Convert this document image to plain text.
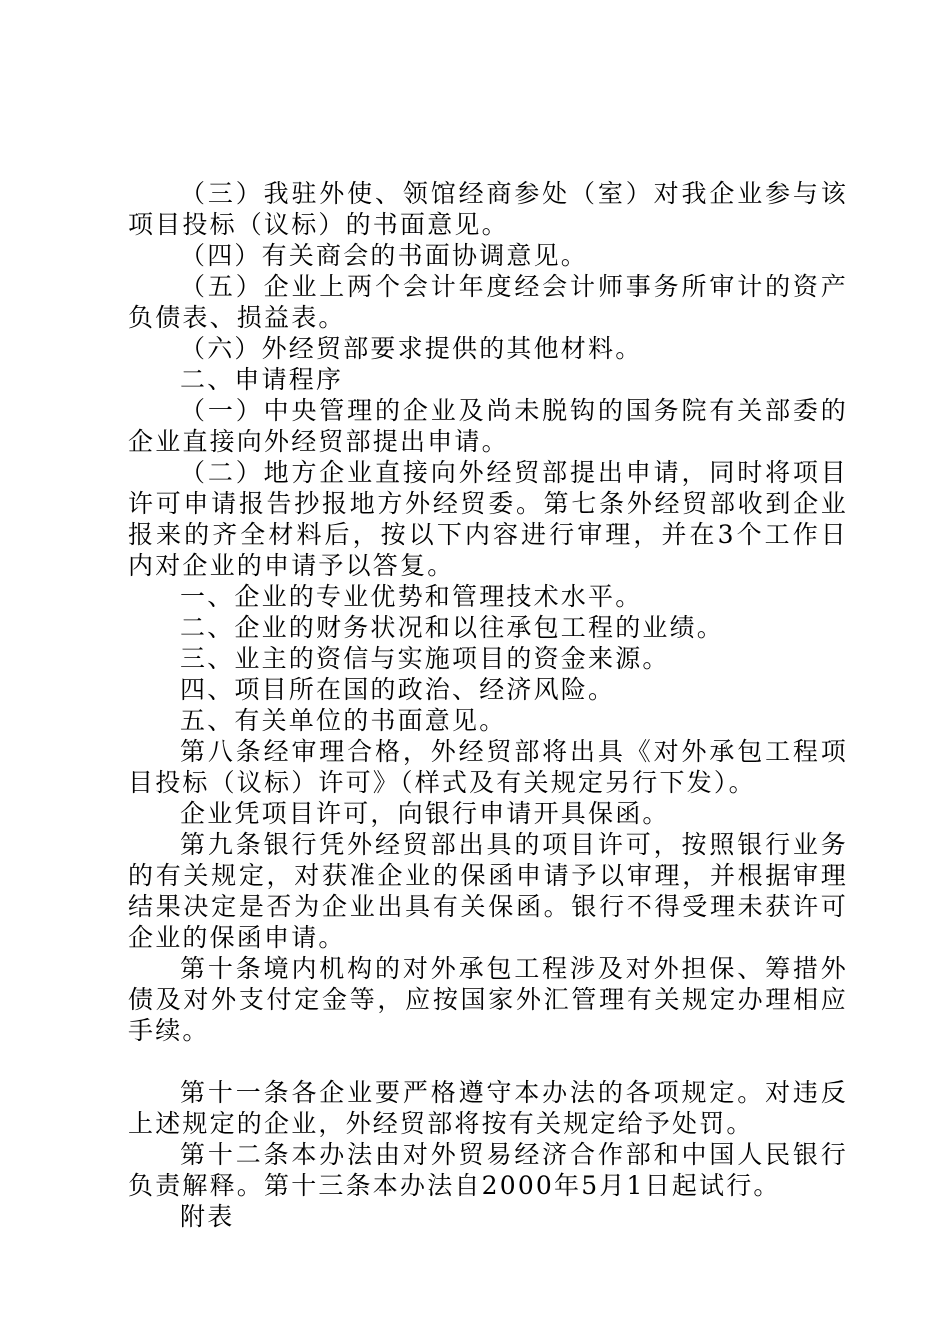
（三）我驻外使、领馆经商参处（室）对我企业参与该项目投标（议标）的书面意见。

（四）有关商会的书面协调意见。

（五）企业上两个会计年度经会计师事务所审计的资产负债表、损益表。

（六）外经贸部要求提供的其他材料。

二、申请程序

（一）中央管理的企业及尚未脱钩的国务院有关部委的企业直接向外经贸部提出申请。

（二）地方企业直接向外经贸部提出申请，同时将项目许可申请报告抄报地方外经贸委。第七条外经贸部收到企业报来的齐全材料后，按以下内容进行审理，并在3个工作日内对企业的申请予以答复。

一、企业的专业优势和管理技术水平。

二、企业的财务状况和以往承包工程的业绩。

三、业主的资信与实施项目的资金来源。

四、项目所在国的政治、经济风险。

五、有关单位的书面意见。

第八条经审理合格，外经贸部将出具《对外承包工程项目投标（议标）许可》（样式及有关规定另行下发）。

企业凭项目许可，向银行申请开具保函。

第九条银行凭外经贸部出具的项目许可，按照银行业务的有关规定，对获准企业的保函申请予以审理，并根据审理结果决定是否为企业出具有关保函。银行不得受理未获许可企业的保函申请。

第十条境内机构的对外承包工程涉及对外担保、筹措外债及对外支付定金等，应按国家外汇管理有关规定办理相应手续。

第十一条各企业要严格遵守本办法的各项规定。对违反上述规定的企业，外经贸部将按有关规定给予处罚。

第十二条本办法由对外贸易经济合作部和中国人民银行负责解释。第十三条本办法自2000年5月1日起试行。

附表
